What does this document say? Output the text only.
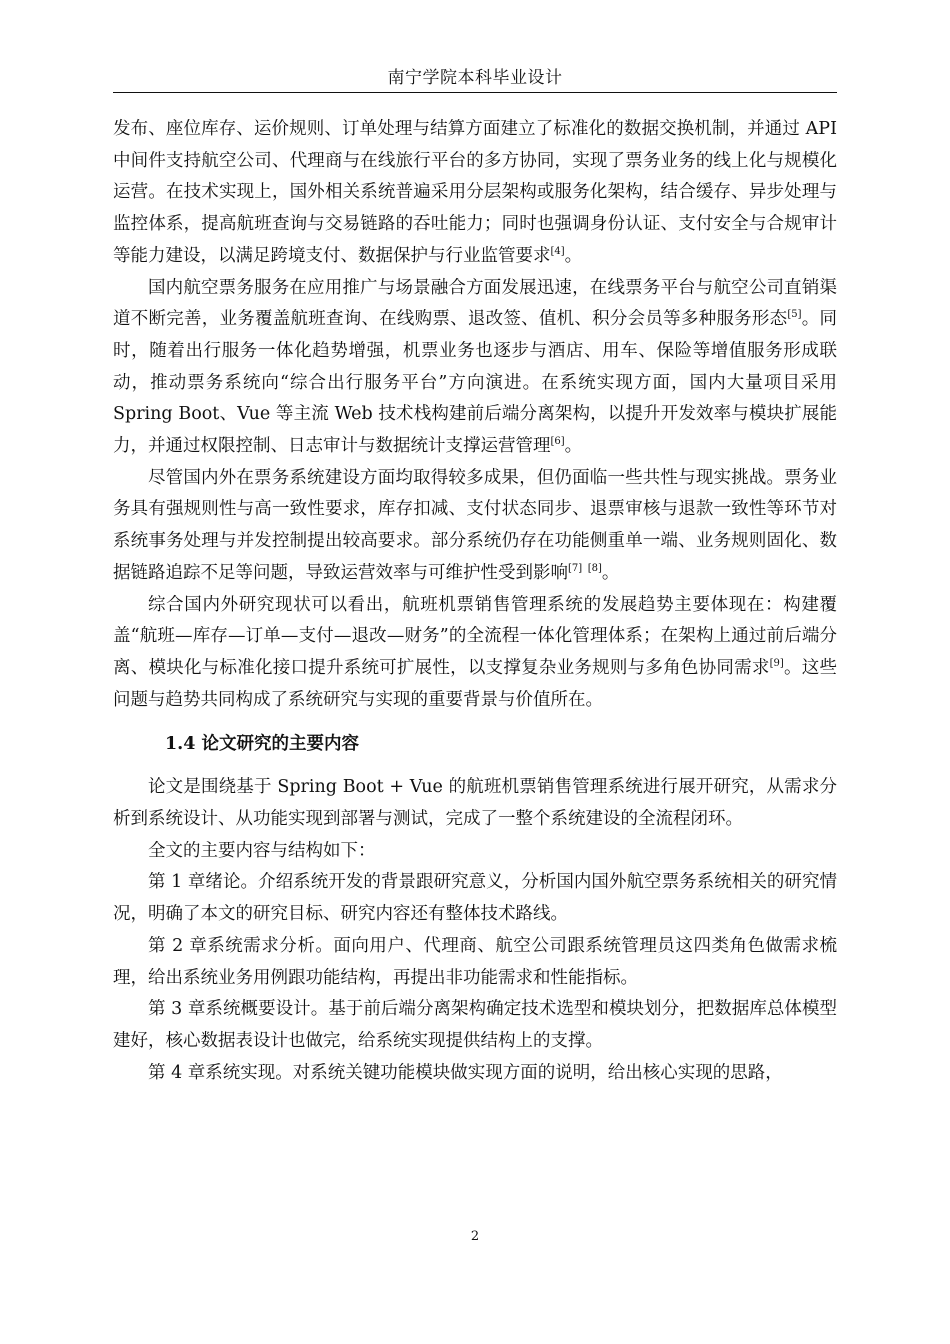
南宁学院本科毕业设计

发布、座位库存、运价规则、订单处理与结算方面建立了标准化的数据交换机制，并通过 API 中间件支持航空公司、代理商与在线旅行平台的多方协同，实现了票务业务的线上化与规模化运营。在技术实现上，国外相关系统普遍采用分层架构或服务化架构，结合缓存、异步处理与监控体系，提高航班查询与交易链路的吞吐能力；同时也强调身份认证、支付安全与合规审计等能力建设，以满足跨境支付、数据保护与行业监管要求[4]。

国内航空票务服务在应用推广与场景融合方面发展迅速，在线票务平台与航空公司直销渠道不断完善，业务覆盖航班查询、在线购票、退改签、值机、积分会员等多种服务形态[5]。同时，随着出行服务一体化趋势增强，机票业务也逐步与酒店、用车、保险等增值服务形成联动，推动票务系统向“综合出行服务平台”方向演进。在系统实现方面，国内大量项目采用 Spring Boot、Vue 等主流 Web 技术栈构建前后端分离架构，以提升开发效率与模块扩展能力，并通过权限控制、日志审计与数据统计支撑运营管理[6]。

尽管国内外在票务系统建设方面均取得较多成果，但仍面临一些共性与现实挑战。票务业务具有强规则性与高一致性要求，库存扣减、支付状态同步、退票审核与退款一致性等环节对系统事务处理与并发控制提出较高要求。部分系统仍存在功能侧重单一端、业务规则固化、数据链路追踪不足等问题，导致运营效率与可维护性受到影响[7] [8]。

综合国内外研究现状可以看出，航班机票销售管理系统的发展趋势主要体现在：构建覆盖“航班—库存—订单—支付—退改—财务”的全流程一体化管理体系；在架构上通过前后端分离、模块化与标准化接口提升系统可扩展性，以支撑复杂业务规则与多角色协同需求[9]。这些问题与趋势共同构成了系统研究与实现的重要背景与价值所在。

1.4 论文研究的主要内容

论文是围绕基于 Spring Boot + Vue 的航班机票销售管理系统进行展开研究，从需求分析到系统设计、从功能实现到部署与测试，完成了一整个系统建设的全流程闭环。

全文的主要内容与结构如下：

第 1 章绪论。介绍系统开发的背景跟研究意义，分析国内国外航空票务系统相关的研究情况，明确了本文的研究目标、研究内容还有整体技术路线。

第 2 章系统需求分析。面向用户、代理商、航空公司跟系统管理员这四类角色做需求梳理，给出系统业务用例跟功能结构，再提出非功能需求和性能指标。

第 3 章系统概要设计。基于前后端分离架构确定技术选型和模块划分，把数据库总体模型建好，核心数据表设计也做完，给系统实现提供结构上的支撑。

第 4 章系统实现。对系统关键功能模块做实现方面的说明，给出核心实现的思路，

2
